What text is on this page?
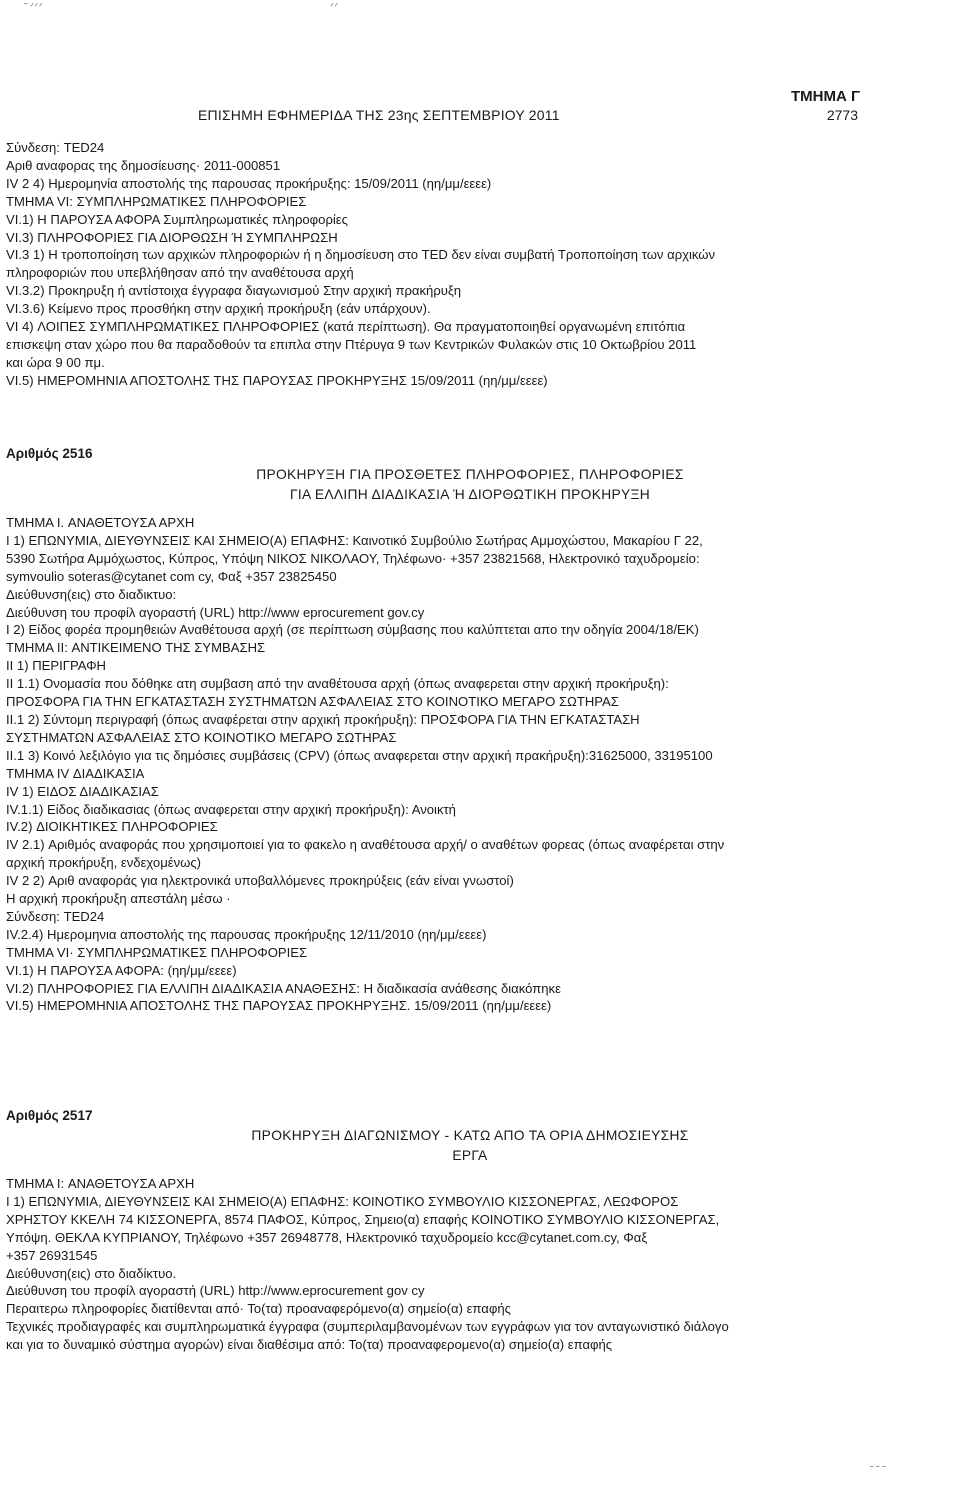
ΤΜΗΜΑ Γ
ΕΠΙΣΗΜΗ ΕΦΗΜΕΡΙΔΑ ΤΗΣ 23ης ΣΕΠΤΕΜΒΡΙΟΥ 2011	2773

Σύνδεση: TED24

Αριθ αναφορας της δημοσίευσης· 2011-000851

IV 2 4) Ημερομηνία αποστολής της παρουσας προκήρυξης: 15/09/2011 (ηη/μμ/εεεε)

ΤΜΗΜΑ VI: ΣΥΜΠΛΗΡΩΜΑΤΙΚΕΣ ΠΛΗΡΟΦΟΡΙΕΣ

VI.1) Η ΠΑΡΟΥΣΑ ΑΦΟΡΑ Συμπληρωματικές πληροφορίες

VI.3) ΠΛΗΡΟΦΟΡΙΕΣ ΓΙΑ ΔΙΟΡΘΩΣΗ Ή ΣΥΜΠΛΗΡΩΣΗ

VI.3 1) Η τροποποίηση των αρχικών πληροφοριών ή η δημοσίευση στο TED δεν είναι συμβατή Τροποποίηση των αρχικών

πληροφοριών που υπεβλήθησαν από την αναθέτουσα αρχή

VI.3.2) Προκηρυξη ή αντίστοιχα έγγραφα διαγωνισμού Στην αρχική πρακήρυξη

VI.3.6) Κείμενο προς προσθήκη στην αρχική προκήρυξη (εάν υπάρχουν).

VI 4) ΛΟΙΠΕΣ ΣΥΜΠΛΗΡΩΜΑΤΙΚΕΣ ΠΛΗΡΟΦΟΡΙΕΣ (κατά περίπτωση). Θα πραγματοποιηθεί οργανωμένη επιτόπια

επισκεψη σταν χώρο που θα παραδοθούν τα επιπλα στην Πτέρυγα 9 των Κεντρικών Φυλακών στις 10 Οκτωβρίου 2011

και ώρα 9 00 πμ.

VI.5) ΗΜΕΡΟΜΗΝΙΑ ΑΠΟΣΤΟΛΗΣ ΤΗΣ ΠΑΡΟΥΣΑΣ ΠΡΟΚΗΡΥΞΗΣ 15/09/2011 (ηη/μμ/εεεε)

Αριθμός 2516

ΠΡΟΚΗΡΥΞΗ ΓΙΑ ΠΡΟΣΘΕΤΕΣ ΠΛΗΡΟΦΟΡΙΕΣ, ΠΛΗΡΟΦΟΡΙΕΣ

ΓΙΑ ΕΛΛΙΠΗ ΔΙΑΔΙΚΑΣΙΑ Ή ΔΙΟΡΘΩΤΙΚΗ ΠΡΟΚΗΡΥΞΗ

ΤΜΗΜΑ I. ΑΝΑΘΕΤΟΥΣΑ ΑΡΧΗ

I 1) ΕΠΩΝΥΜΙΑ, ΔΙΕΥΘΥΝΣΕΙΣ ΚΑΙ ΣΗΜΕΙΟ(Α) ΕΠΑΦΗΣ: Καινοτικό Συμβούλιο Σωτήρας Αμμοχώστου, Μακαρίου Γ 22,

5390 Σωτήρα Αμμόχωστος, Κύπρος, Υπόψη ΝΙΚΟΣ ΝΙΚΟΛΑΟΥ, Τηλέφωνο· +357 23821568, Ηλεκτρονικό ταχυδρομείο:

symvoulio soteras@cytanet com cy, Φαξ +357 23825450

Διεύθυνση(εις) στο διαδικτυο:

Διεύθυνση του προφίλ αγοραστή (URL) http://www eprocurement gov.cy

I 2) Είδος φορέα προμηθειών Αναθέτουσα αρχή (σε περίπτωση σύμβασης που καλύπτεται απο την οδηγία 2004/18/ΕΚ)

ΤΜΗΜΑ II: ΑΝΤΙΚΕΙΜΕΝΟ ΤΗΣ ΣΥΜΒΑΣΗΣ

II 1) ΠΕΡΙΓΡΑΦΗ

II 1.1) Ονομασία που δόθηκε ατη συμβαση από την αναθέτουσα αρχή (όπως αναφερεται στην αρχική προκήρυξη):

ΠΡΟΣΦΟΡΑ ΓΙΑ ΤΗΝ ΕΓΚΑΤΑΣΤΑΣΗ ΣΥΣΤΗΜΑΤΩΝ ΑΣΦΑΛΕΙΑΣ ΣΤΟ ΚΟΙΝΟΤΙΚΟ ΜΕΓΑΡΟ ΣΩΤΗΡΑΣ

II.1 2) Σύντομη περιγραφή (όπως αναφέρεται στην αρχική προκήρυξη): ΠΡΟΣΦΟΡΑ ΓΙΑ ΤΗΝ ΕΓΚΑΤΑΣΤΑΣΗ

ΣΥΣΤΗΜΑΤΩΝ ΑΣΦΑΛΕΙΑΣ ΣΤΟ ΚΟΙΝΟΤΙΚΟ ΜΕΓΑΡΟ ΣΩΤΗΡΑΣ

II.1 3) Κοινό λεξιλόγιο για τις δημόσιες συμβάσεις (CPV) (όπως αναφερεται στην αρχική πρακήρυξη):31625000, 33195100

ΤΜΗΜΑ IV ΔΙΑΔΙΚΑΣΙΑ

IV 1) ΕΙΔΟΣ ΔΙΑΔΙΚΑΣΙΑΣ

IV.1.1) Είδος διαδικασιας (όπως αναφερεται στην αρχική προκήρυξη): Ανοικτή

IV.2) ΔΙΟΙΚΗΤΙΚΕΣ ΠΛΗΡΟΦΟΡΙΕΣ

IV 2.1) Αριθμός αναφοράς που χρησιμοποιεί για το φακελο η αναθέτουσα αρχή/ ο αναθέτων φορεας (όπως αναφέρεται στην

αρχική προκήρυξη, ενδεχομένως)

IV 2 2) Αριθ αναφοράς για ηλεκτρονικά υποβαλλόμενες προκηρύξεις (εάν είναι γνωστοί)

Η αρχική προκήρυξη απεστάλη μέσω ·

Σύνδεση: TED24

IV.2.4) Ημερομηνια αποστολής της παρουσας προκήρυξης 12/11/2010 (ηη/μμ/εεεε)

ΤΜΗΜΑ VI· ΣΥΜΠΛΗΡΩΜΑΤΙΚΕΣ ΠΛΗΡΟΦΟΡΙΕΣ

VI.1) Η ΠΑΡΟΥΣΑ ΑΦΟΡΑ: (ηη/μμ/εεεε)

VI.2) ΠΛΗΡΟΦΟΡΙΕΣ ΓΙΑ ΕΛΛΙΠΗ ΔΙΑΔΙΚΑΣΙΑ ΑΝΑΘΕΣΗΣ: Η διαδικασία ανάθεσης διακόπηκε

VI.5) ΗΜΕΡΟΜΗΝΙΑ ΑΠΟΣΤΟΛΗΣ ΤΗΣ ΠΑΡΟΥΣΑΣ ΠΡΟΚΗΡΥΞΗΣ. 15/09/2011 (ηη/μμ/εεεε)

Αριθμός 2517

ΠΡΟΚΗΡΥΞΗ ΔΙΑΓΩΝΙΣΜΟΥ - ΚΑΤΩ ΑΠΟ ΤΑ ΟΡΙΑ ΔΗΜΟΣΙΕΥΣΗΣ

ΕΡΓΑ

ΤΜΗΜΑ I: ΑΝΑΘΕΤΟΥΣΑ ΑΡΧΗ

I 1) ΕΠΩΝΥΜΙΑ, ΔΙΕΥΘΥΝΣΕΙΣ ΚΑΙ ΣΗΜΕΙΟ(Α) ΕΠΑΦΗΣ: ΚΟΙΝΟΤΙΚΟ ΣΥΜΒΟΥΛΙΟ ΚΙΣΣΟΝΕΡΓΑΣ, ΛΕΩΦΟΡΟΣ

ΧΡΗΣΤΟΥ ΚΚΕΛΗ 74 ΚΙΣΣΟΝΕΡΓΑ, 8574 ΠΑΦΟΣ, Κύπρος, Σημειο(α) επαφής ΚΟΙΝΟΤΙΚΟ ΣΥΜΒΟΥΛΙΟ ΚΙΣΣΟΝΕΡΓΑΣ,

Υπόψη. ΘΕΚΛΑ ΚΥΠΡΙΑΝΟΥ, Τηλέφωνο +357 26948778, Ηλεκτρονικό ταχυδρομείο kcc@cytanet.com.cy, Φαξ

+357 26931545

Διεύθυνση(εις) στο διαδίκτυο.

Διεύθυνση του προφίλ αγοραστή (URL) http://www.eprocurement gov cy

Περαιτερω πληροφορίες διατίθενται από· Το(τα) προαναφερόμενο(α) σημείο(α) επαφής

Τεχνικές προδιαγραφές και συμπληρωματικά έγγραφα (συμπεριλαμβανομένων των εγγράφων για τον ανταγωνιστικό διάλογο

και για το δυναμικό σύστημα αγορών) είναι διαθέσιμα από: Το(τα) προαναφερομενο(α) σημείο(α) επαφής

˜ ᐟᐟᐟ	ᐟᐟ
˜ ˜ ˜
